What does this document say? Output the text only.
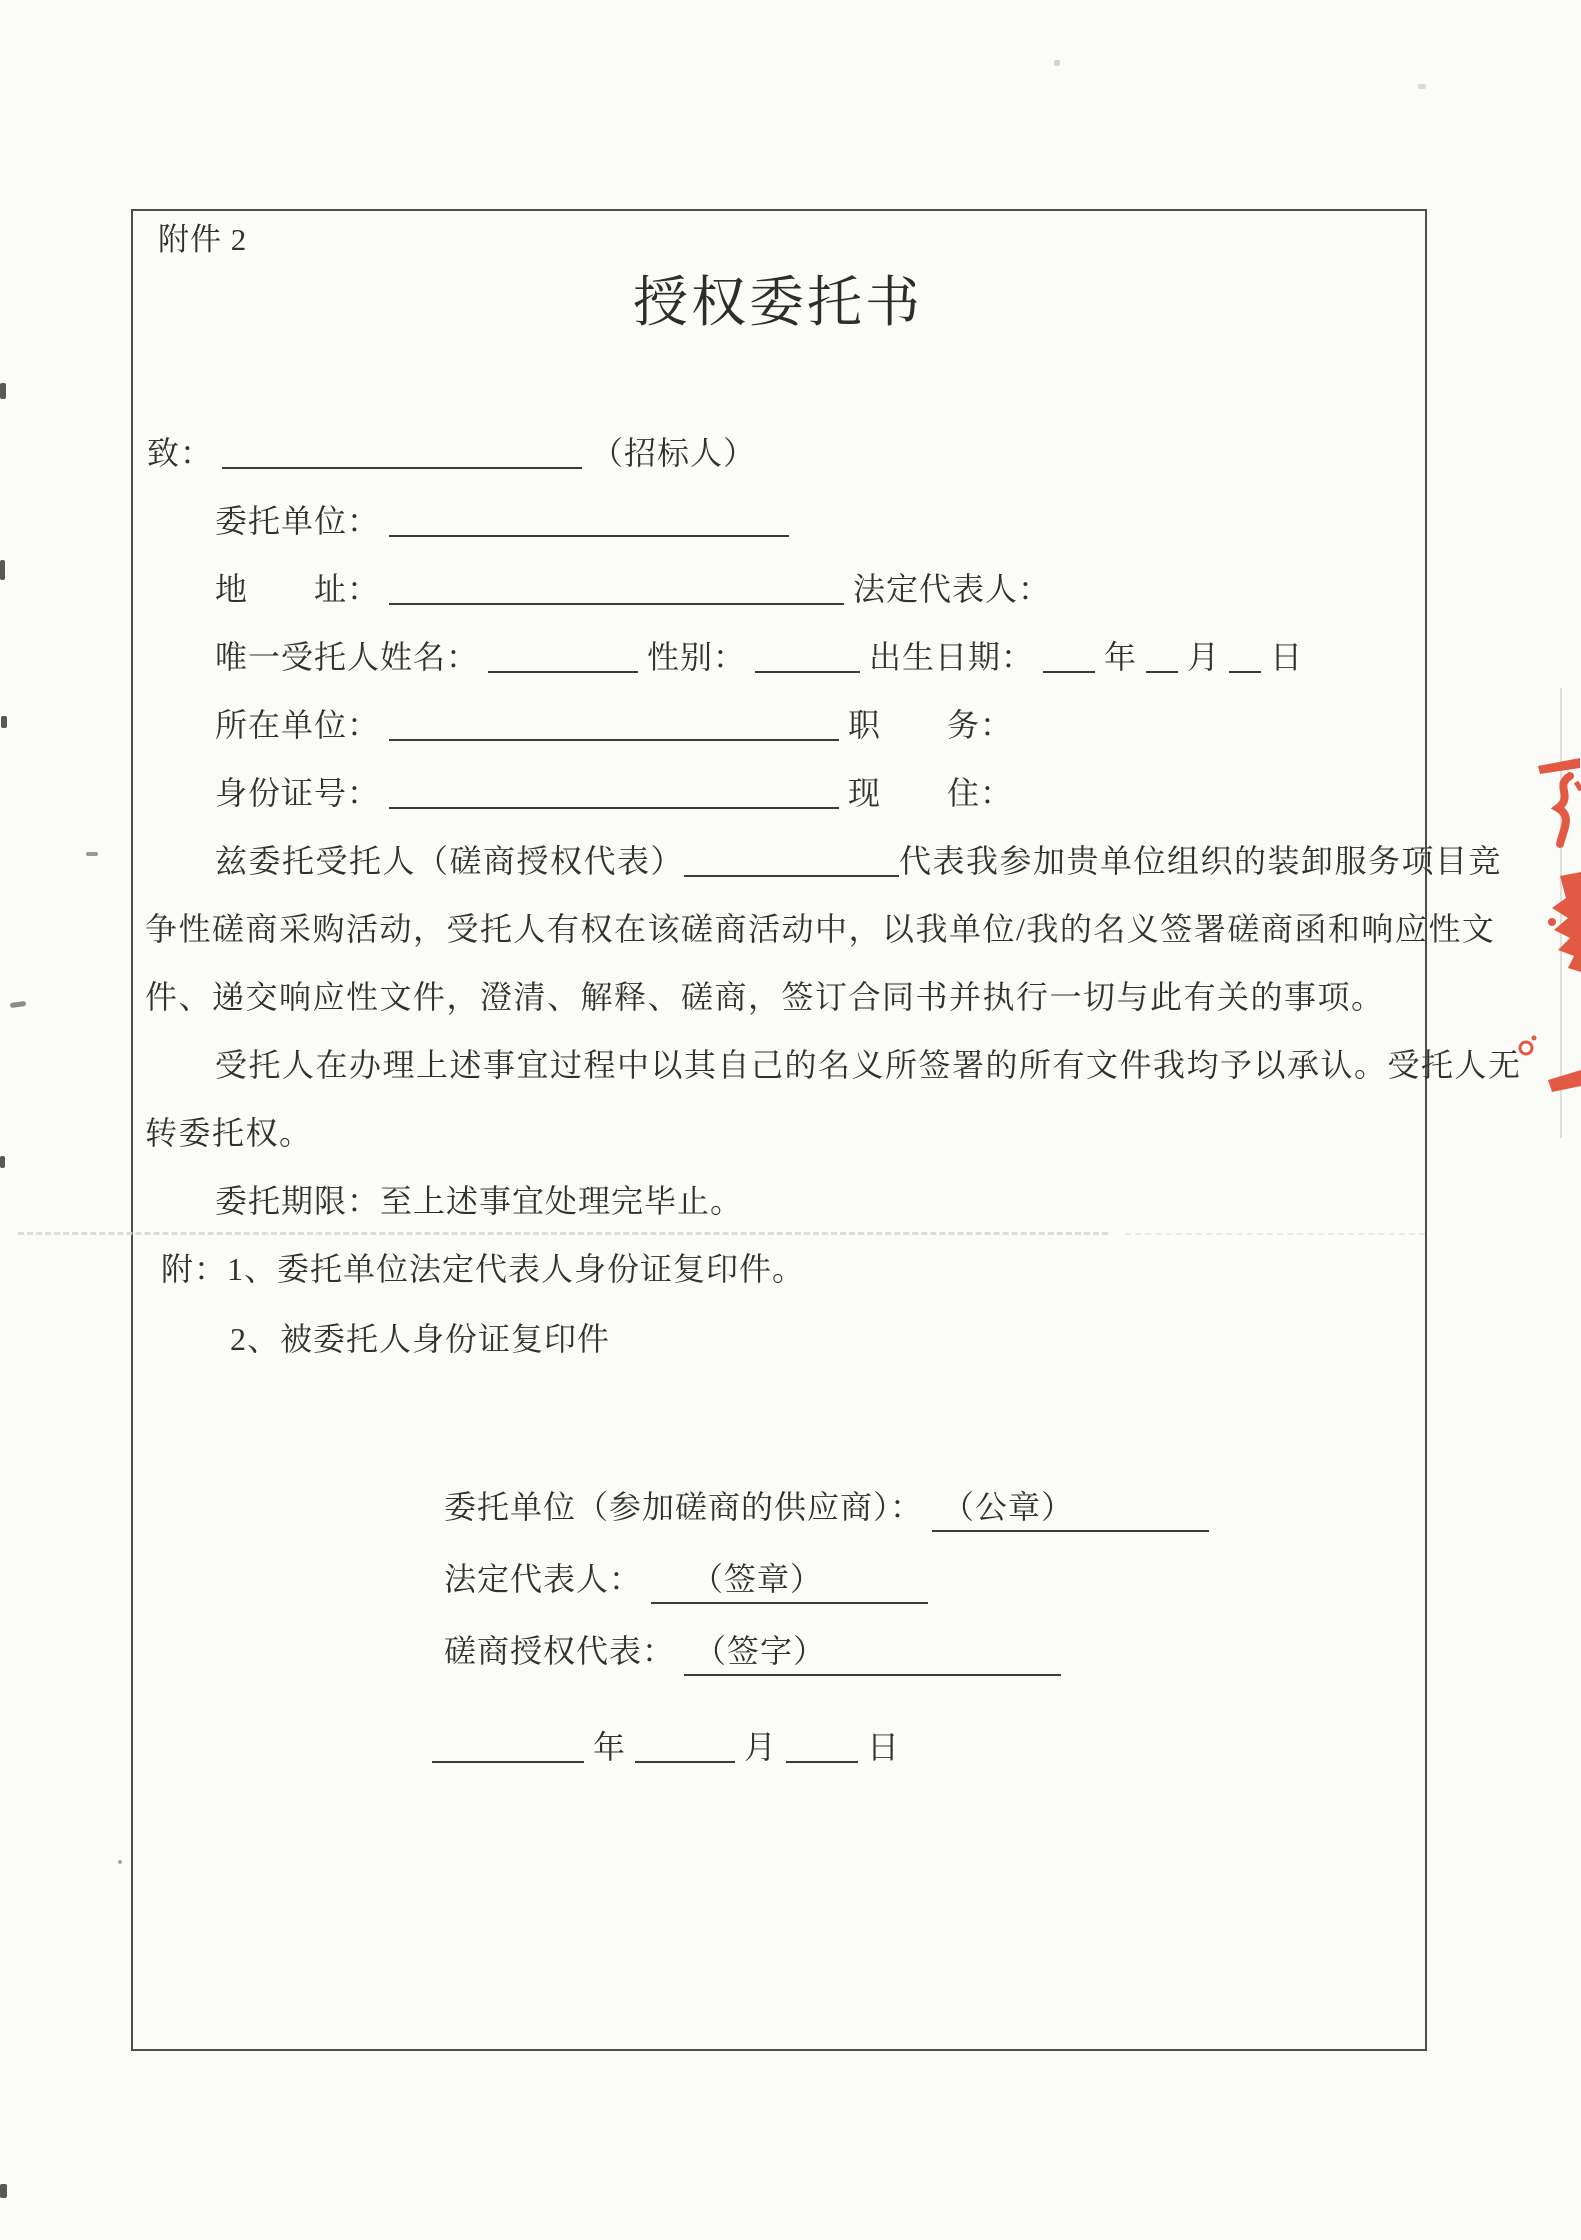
附件 2
授权委托书
致：	（招标人）
委托单位：
地　　址：	法定代表人：
唯一受托人姓名：	性别：	出生日期： 年 月 日
所在单位：	职　　务：
身份证号：	现　　住：
兹委托受托人（磋商授权代表）	代表我参加贵单位组织的装卸服务项目竞
争性磋商采购活动，受托人有权在该磋商活动中，以我单位/我的名义签署磋商函和响应性文
件、递交响应性文件，澄清、解释、磋商，签订合同书并执行一切与此有关的事项。
受托人在办理上述事宜过程中以其自己的名义所签署的所有文件我均予以承认。受托人无
转委托权。
委托期限：至上述事宜处理完毕止。
附：1、委托单位法定代表人身份证复印件。
2、被委托人身份证复印件
委托单位（参加磋商的供应商）： （公章）
法定代表人： （签章）
磋商授权代表： （签字）
年	月	日
